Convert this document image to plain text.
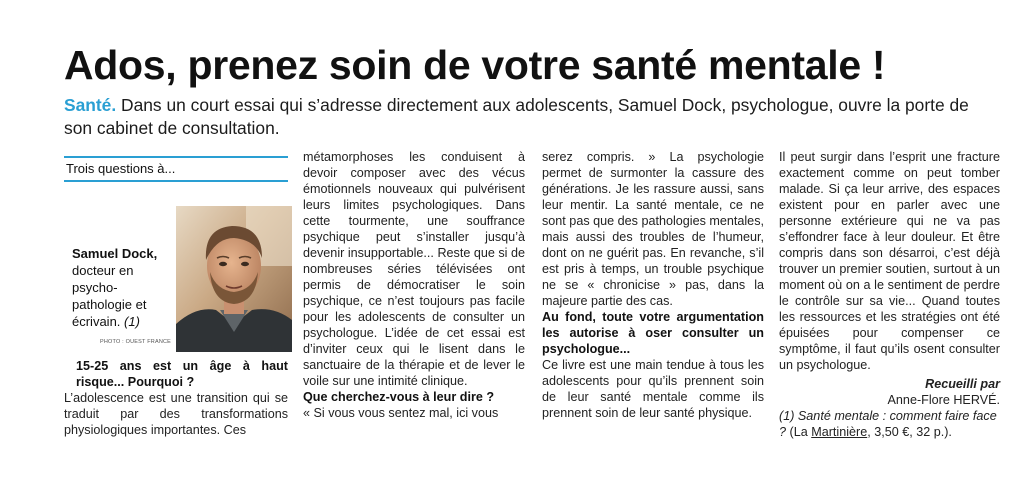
Ados, prenez soin de votre santé mentale !
Santé. Dans un court essai qui s’adresse directement aux adolescents, Samuel Dock, psychologue, ouvre la porte de son cabinet de consultation.
Trois questions à...
Samuel Dock,
docteur en psycho-pathologie et écrivain. (1)
PHOTO : OUEST FRANCE

15-25 ans est un âge à haut risque... Pourquoi ?

L’adolescence est une transition qui se traduit par des transformations physiologiques importantes. Ces

métamorphoses les conduisent à devoir composer avec des vécus émotionnels nouveaux qui pulvérisent leurs limites psychologiques. Dans cette tourmente, une souffrance psychique peut s’installer jusqu’à devenir insupportable... Reste que si de nombreuses séries télévisées ont permis de démocratiser le soin psychique, ce n’est toujours pas facile pour les adolescents de consulter un psychologue. L’idée de cet essai est d’inviter ceux qui le lisent dans le sanctuaire de la thérapie et de lever le voile sur une intimité clinique.

Que cherchez-vous à leur dire ?

« Si vous vous sentez mal, ici vous

serez compris. » La psychologie permet de surmonter la cassure des générations. Je les rassure aussi, sans leur mentir. La santé mentale, ce ne sont pas que des pathologies mentales, mais aussi des troubles de l’humeur, dont on ne guérit pas. En revanche, s’il est pris à temps, un trouble psychique ne se « chronicise » pas, dans la majeure partie des cas.

Au fond, toute votre argumentation les autorise à oser consulter un psychologue...

Ce livre est une main tendue à tous les adolescents pour qu’ils prennent soin de leur santé mentale comme ils prennent soin de leur santé physique.

Il peut surgir dans l’esprit une fracture exactement comme on peut tomber malade. Si ça leur arrive, des espaces existent pour en parler avec une personne extérieure qui ne va pas s’effondrer face à leur douleur. Et être compris dans son désarroi, c’est déjà trouver un premier soutien, surtout à un moment où on a le sentiment de perdre le contrôle sur sa vie... Quand toutes les ressources et les stratégies ont été épuisées pour compenser ce symptôme, il faut qu’ils osent consulter un psychologue.

Recueilli par
Anne-Flore HERVÉ.

(1) Santé mentale : comment faire face ? (La Martinière, 3,50 €, 32 p.).
